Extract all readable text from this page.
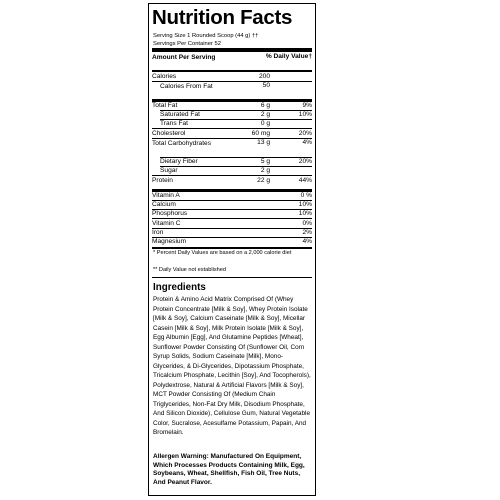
Nutrition Facts
Serving Size 1 Rounded Scoop (44 g) ††
Servings Per Container 52
Amount Per Serving	% Daily Value†
Calories	200
Calories From Fat	50
Total Fat	6 g	9%
Saturated Fat	2 g	10%
Trans Fat	0 g
Cholesterol	60 mg	20%
Total Carbohydrates	13 g	4%
Dietary Fiber	5 g	20%
Sugar	2 g
Protein	22 g	44%
Vitamin A	0 %
Calcium	10%
Phosphorus	10%
Vitamin C	0%
Iron	2%
Magnesium	4%
* Percent Daily Values are based on a 2,000 calorie diet
** Daily Value not established
Ingredients
Protein & Amino Acid Matrix Comprised Of (Whey Protein Concentrate [Milk & Soy], Whey Protein Isolate [Milk & Soy], Calcium Caseinate [Milk & Soy], Micellar Casein [Milk & Soy], Milk Protein Isolate [Milk & Soy], Egg Albumin [Egg], And Glutamine Peptides [Wheat], Sunflower Powder Consisting Of (Sunflower Oil, Corn Syrup Solids, Sodium Caseinate [Milk], Mono-Glycerides, & Di-Glycerides, Dipotassium Phosphate, Tricalcium Phosphate, Lecithin [Soy], And Tocopherols), Polydextrose, Natural & Artificial Flavors [Milk & Soy], MCT Powder Consisting Of (Medium Chain Triglycerides, Non-Fat Dry Milk, Disodium Phosphate, And Silicon Dioxide), Cellulose Gum, Natural Vegetable Color, Sucralose, Acesulfame Potassium, Papain, And Bromelain.
Allergen Warning: Manufactured On Equipment, Which Processes Products Containing Milk, Egg, Soybeans, Wheat, Shellfish, Fish Oil, Tree Nuts, And Peanut Flavor.
